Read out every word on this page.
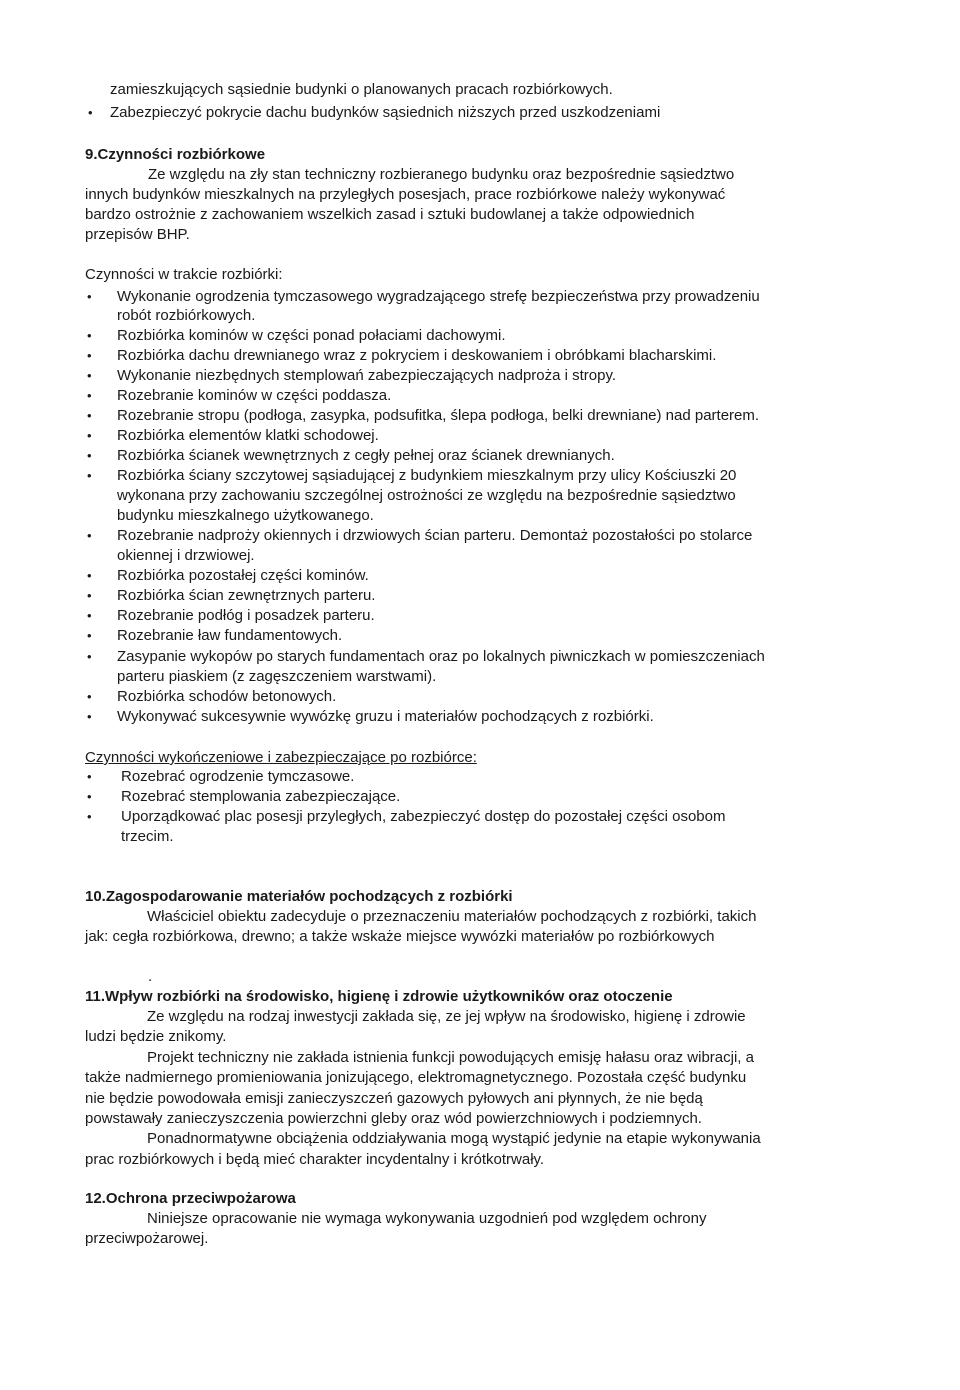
zamieszkujących sąsiednie budynki o planowanych pracach rozbiórkowych.
•
Zabezpieczyć pokrycie dachu budynków sąsiednich niższych przed uszkodzeniami
9.Czynności rozbiórkowe
Ze względu na zły stan techniczny rozbieranego budynku oraz bezpośrednie sąsiedztwo
innych budynków mieszkalnych na przyległych posesjach, prace rozbiórkowe należy wykonywać
bardzo ostrożnie z zachowaniem wszelkich zasad i sztuki budowlanej a także odpowiednich
przepisów BHP.
Czynności w trakcie rozbiórki:
•
Wykonanie ogrodzenia tymczasowego wygradzającego strefę bezpieczeństwa przy prowadzeniu
robót rozbiórkowych.
•
Rozbiórka kominów w części ponad połaciami dachowymi.
•
Rozbiórka dachu drewnianego wraz z pokryciem i deskowaniem i obróbkami blacharskimi.
•
Wykonanie niezbędnych stemplowań zabezpieczających nadproża i stropy.
•
Rozebranie kominów w części poddasza.
•
Rozebranie stropu (podłoga, zasypka, podsufitka, ślepa podłoga, belki drewniane) nad parterem.
•
Rozbiórka elementów klatki schodowej.
•
Rozbiórka ścianek wewnętrznych z cegły pełnej oraz ścianek drewnianych.
•
Rozbiórka ściany szczytowej sąsiadującej z budynkiem mieszkalnym przy ulicy Kościuszki 20
wykonana przy zachowaniu szczególnej ostrożności ze względu na bezpośrednie sąsiedztwo
budynku mieszkalnego użytkowanego.
•
Rozebranie nadproży okiennych i drzwiowych ścian parteru. Demontaż pozostałości po stolarce
okiennej i drzwiowej.
•
Rozbiórka pozostałej części kominów.
•
Rozbiórka ścian zewnętrznych parteru.
•
Rozebranie podłóg i posadzek parteru.
•
Rozebranie ław fundamentowych.
•
Zasypanie wykopów po starych fundamentach oraz po lokalnych piwniczkach w pomieszczeniach
parteru piaskiem (z zagęszczeniem warstwami).
•
Rozbiórka schodów betonowych.
•
Wykonywać sukcesywnie wywózkę gruzu i materiałów pochodzących z rozbiórki.
Czynności wykończeniowe i zabezpieczające po rozbiórce:
•
Rozebrać ogrodzenie tymczasowe.
•
Rozebrać stemplowania zabezpieczające.
•
Uporządkować plac posesji przyległych, zabezpieczyć dostęp do pozostałej części osobom
trzecim.
10.Zagospodarowanie materiałów pochodzących z rozbiórki
Właściciel obiektu zadecyduje o przeznaczeniu materiałów pochodzących z rozbiórki, takich
jak: cegła rozbiórkowa, drewno; a także wskaże miejsce wywózki materiałów po rozbiórkowych
.
11.Wpływ rozbiórki na środowisko, higienę i zdrowie użytkowników oraz otoczenie
Ze względu na rodzaj inwestycji zakłada się, ze jej wpływ na środowisko, higienę i zdrowie
ludzi będzie znikomy.
Projekt techniczny nie zakłada istnienia funkcji powodujących emisję hałasu oraz wibracji, a
także nadmiernego promieniowania jonizującego, elektromagnetycznego. Pozostała część budynku
nie będzie powodowała emisji zanieczyszczeń gazowych pyłowych ani płynnych, że nie będą
powstawały zanieczyszczenia powierzchni gleby oraz wód powierzchniowych i podziemnych.
Ponadnormatywne obciążenia oddziaływania mogą wystąpić jedynie na etapie wykonywania
prac rozbiórkowych i będą mieć charakter incydentalny i krótkotrwały.
12.Ochrona przeciwpożarowa
Niniejsze opracowanie nie wymaga wykonywania uzgodnień pod względem ochrony
przeciwpożarowej.
